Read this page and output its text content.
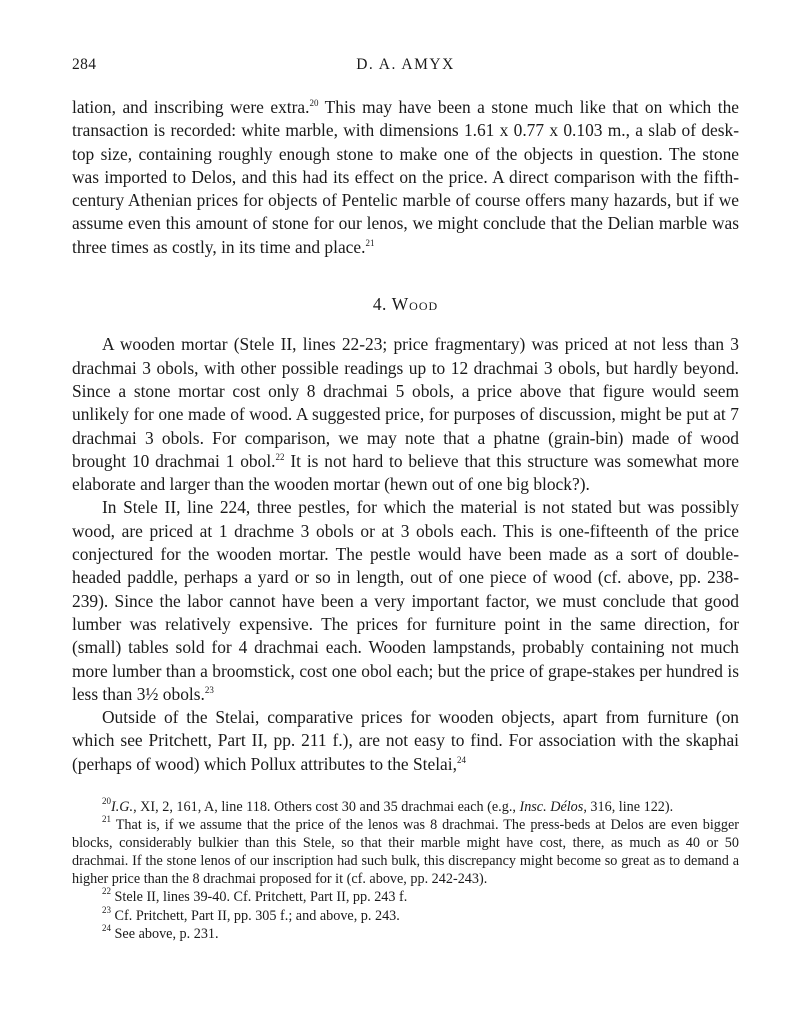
284	D. A. AMYX

lation, and inscribing were extra.$^{20}$ This may have been a stone much like that on which the transaction is recorded: white marble, with dimensions 1.61 x 0.77 x 0.103 m., a slab of desk-top size, containing roughly enough stone to make one of the objects in question. The stone was imported to Delos, and this had its effect on the price. A direct comparison with the fifth-century Athenian prices for objects of Pentelic marble of course offers many hazards, but if we assume even this amount of stone for our lenos, we might conclude that the Delian marble was three times as costly, in its time and place.$^{21}$

4. Wood

A wooden mortar (Stele II, lines 22-23; price fragmentary) was priced at not less than 3 drachmai 3 obols, with other possible readings up to 12 drachmai 3 obols, but hardly beyond. Since a stone mortar cost only 8 drachmai 5 obols, a price above that figure would seem unlikely for one made of wood. A suggested price, for purposes of discussion, might be put at 7 drachmai 3 obols. For comparison, we may note that a phatne (grain-bin) made of wood brought 10 drachmai 1 obol.$^{22}$ It is not hard to believe that this structure was somewhat more elaborate and larger than the wooden mortar (hewn out of one big block?).

In Stele II, line 224, three pestles, for which the material is not stated but was possibly wood, are priced at 1 drachme 3 obols or at 3 obols each. This is one-fifteenth of the price conjectured for the wooden mortar. The pestle would have been made as a sort of double-headed paddle, perhaps a yard or so in length, out of one piece of wood (cf. above, pp. 238-239). Since the labor cannot have been a very important factor, we must conclude that good lumber was relatively expensive. The prices for furniture point in the same direction, for (small) tables sold for 4 drachmai each. Wooden lampstands, probably containing not much more lumber than a broomstick, cost one obol each; but the price of grape-stakes per hundred is less than 3½ obols.$^{23}$

Outside of the Stelai, comparative prices for wooden objects, apart from furniture (on which see Pritchett, Part II, pp. 211 f.), are not easy to find. For association with the skaphai (perhaps of wood) which Pollux attributes to the Stelai,$^{24}$

$^{20}$I.G., XI, 2, 161, A, line 118. Others cost 30 and 35 drachmai each (e.g., Insc. Délos, 316, line 122).

$^{21}$ That is, if we assume that the price of the lenos was 8 drachmai. The press-beds at Delos are even bigger blocks, considerably bulkier than this Stele, so that their marble might have cost, there, as much as 40 or 50 drachmai. If the stone lenos of our inscription had such bulk, this discrepancy might become so great as to demand a higher price than the 8 drachmai proposed for it (cf. above, pp. 242-243).

$^{22}$ Stele II, lines 39-40. Cf. Pritchett, Part II, pp. 243 f.

$^{23}$ Cf. Pritchett, Part II, pp. 305 f.; and above, p. 243.

$^{24}$ See above, p. 231.
